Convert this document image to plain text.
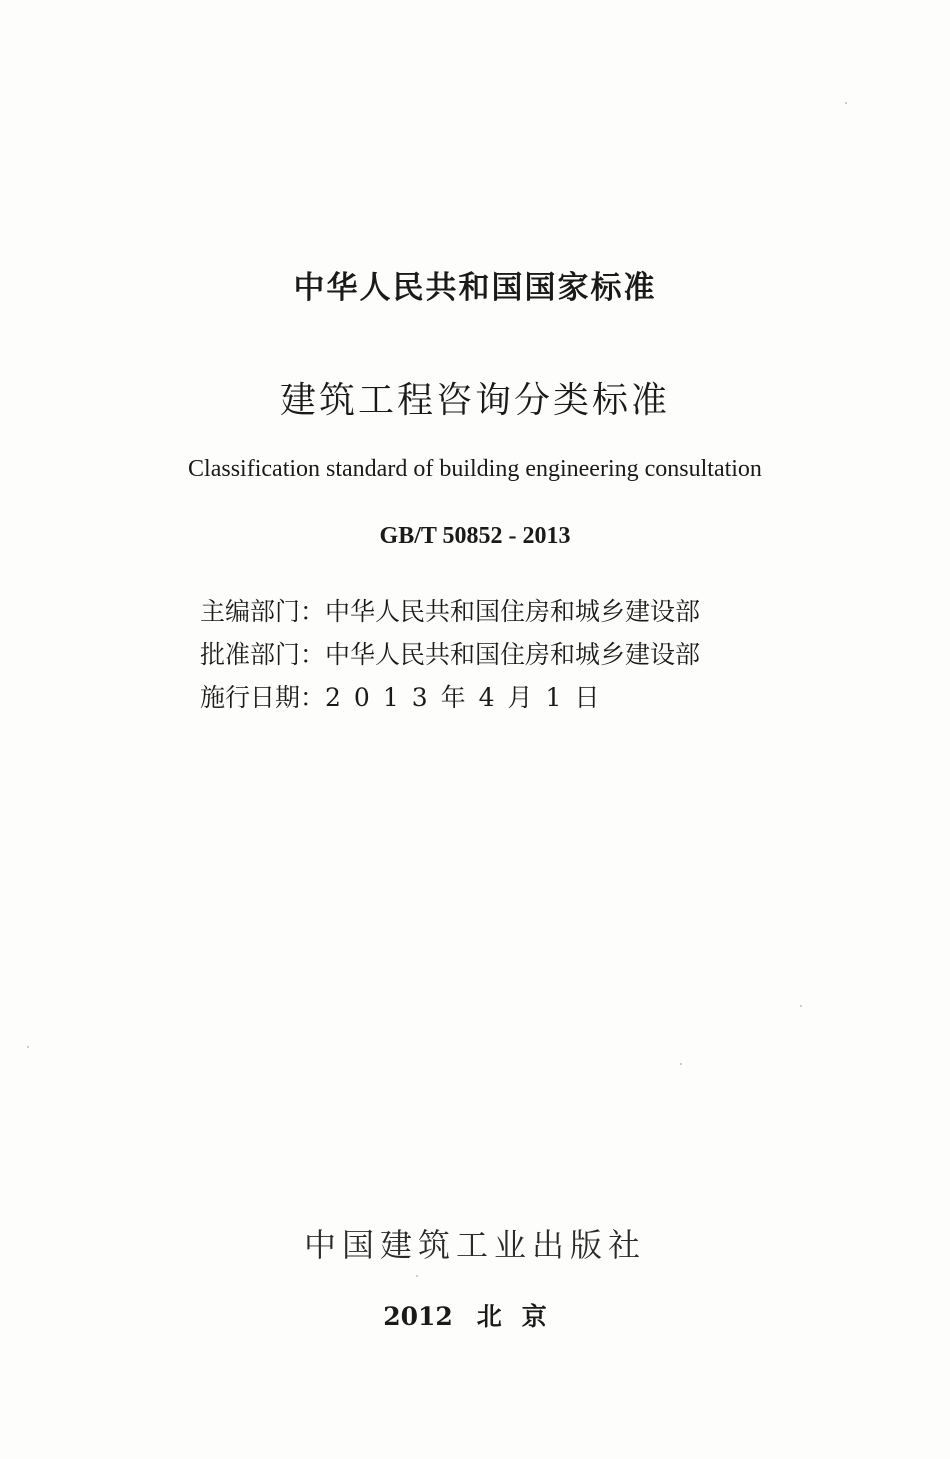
中华人民共和国国家标准
建筑工程咨询分类标准
Classification standard of building engineering consultation
GB/T 50852 - 2013
主编部门：中华人民共和国住房和城乡建设部
批准部门：中华人民共和国住房和城乡建设部
施行日期：2013年4月1日
中国建筑工业出版社
2012 北京
